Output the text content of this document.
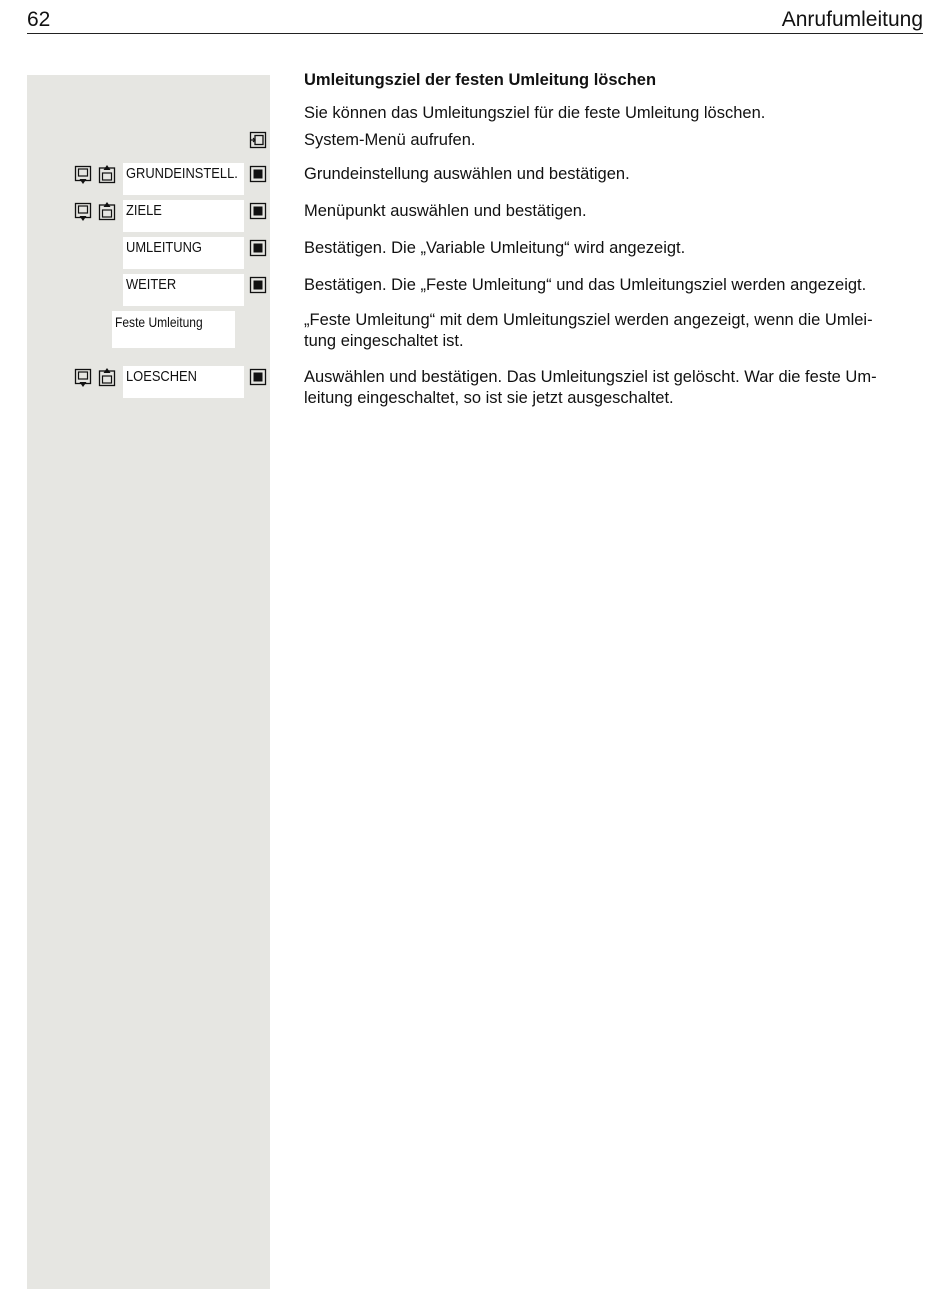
62	Anrufumleitung
GRUNDEINSTELL.
ZIELE
UMLEITUNG
WEITER
Feste Umleitung
LOESCHEN
Umleitungsziel der festen Umleitung löschen
Sie können das Umleitungsziel für die feste Umleitung löschen.
System-Menü aufrufen.
Grundeinstellung auswählen und bestätigen.
Menüpunkt auswählen und bestätigen.
Bestätigen. Die „Variable Umleitung“ wird angezeigt.
Bestätigen. Die „Feste Umleitung“ und das Umleitungsziel werden angezeigt.
„Feste Umleitung“ mit dem Umleitungsziel werden angezeigt, wenn die Umlei-
tung eingeschaltet ist.
Auswählen und bestätigen. Das Umleitungsziel ist gelöscht. War die feste Um-
leitung eingeschaltet, so ist sie jetzt ausgeschaltet.
